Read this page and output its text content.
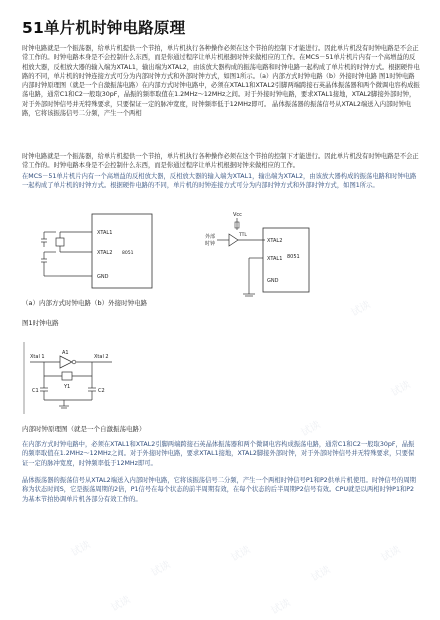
51单片机时钟电路原理

时钟电路就是一个振荡器，给单片机提供一个节拍，单片机执行各种操作必须在这个节拍的控制下才能进行。因此单片机没有时钟电路是不会正常工作的。时钟电路本身是不会控制什么东西，而是你通过程序让单片机根据时钟来做相应的工作。在MCS－51单片机片内有一个高增益的反相放大器，反相放大器的输入端为XTAL1，输出端为XTAL2，由该放大器构成的振荡电路和时钟电路一起构成了单片机的时钟方式。根据硬件电路的不同，单片机的时钟连接方式可分为内部时钟方式和外部时钟方式，如图1所示。（a）内部方式时钟电路（b）外接时钟电路 图1时钟电路 内部时钟原理图（就是一个自激振荡电路）在内部方式时钟电路中，必须在XTAL1和XTAL2引脚两端跨接石英晶体振荡器和两个微调电容构成振荡电路，通常C1和C2一般取30pF，晶振的频率取值在1.2MHz～12MHz之间。对于外接时钟电路，要求XTAL1接地，XTAL2脚接外部时钟，对于外部时钟信号并无特殊要求，只要保证一定的脉冲宽度，时钟频率低于12MHz即可。 晶体振荡器的振荡信号从XTAL2端送入内部时钟电路，它将该振荡信号二分频，产生一个两相

时钟电路就是一个振荡器，给单片机提供一个节拍，单片机执行各种操作必须在这个节拍的控制下才能进行。因此单片机没有时钟电路是不会正常工作的。时钟电路本身是不会控制什么东西，而是你通过程序让单片机根据时钟来做相应的工作。

在MCS－51单片机片内有一个高增益的反相放大器，反相放大器的输入端为XTAL1，输出端为XTAL2，由该放大器构成的振荡电路和时钟电路一起构成了单片机的时钟方式。根据硬件电路的不同，单片机的时钟连接方式可分为内部时钟方式和外部时钟方式，如图1所示。

XTAL1
XTAL2
GND
8051
Vcc
外部
时钟
TTL
XTAL2
XTAL1
GND
8051
（a）内部方式时钟电路（b）外接时钟电路
图1时钟电路
Xtal 1	Xtal 2
A1
Y1
C1	C2
内部时钟原理图（就是一个自激振荡电路）

在内部方式时钟电路中，必须在XTAL1和XTAL2引脚两端跨接石英晶体振荡器和两个微调电容构成振荡电路，通常C1和C2一般取30pF，晶振的频率取值在1.2MHz～12MHz之间。对于外接时钟电路，要求XTAL1接地，XTAL2脚接外部时钟，对于外部时钟信号并无特殊要求，只要保证一定的脉冲宽度，时钟频率低于12MHz即可。

晶体振荡器的振荡信号从XTAL2端送入内部时钟电路，它将该振荡信号二分频，产生一个两相时钟信号P1和P2供单片机使用。时钟信号的周期称为状态时间S，它是振荡周期的2倍，P1信号在每个状态的前半周期有效，在每个状态的后半周期P2信号有效。CPU就是以两相时钟P1和P2为基本节拍协调单片机各部分有效工作的。

试读
试读
试读
试读
试读
试读	试读
试读
试读
试读
